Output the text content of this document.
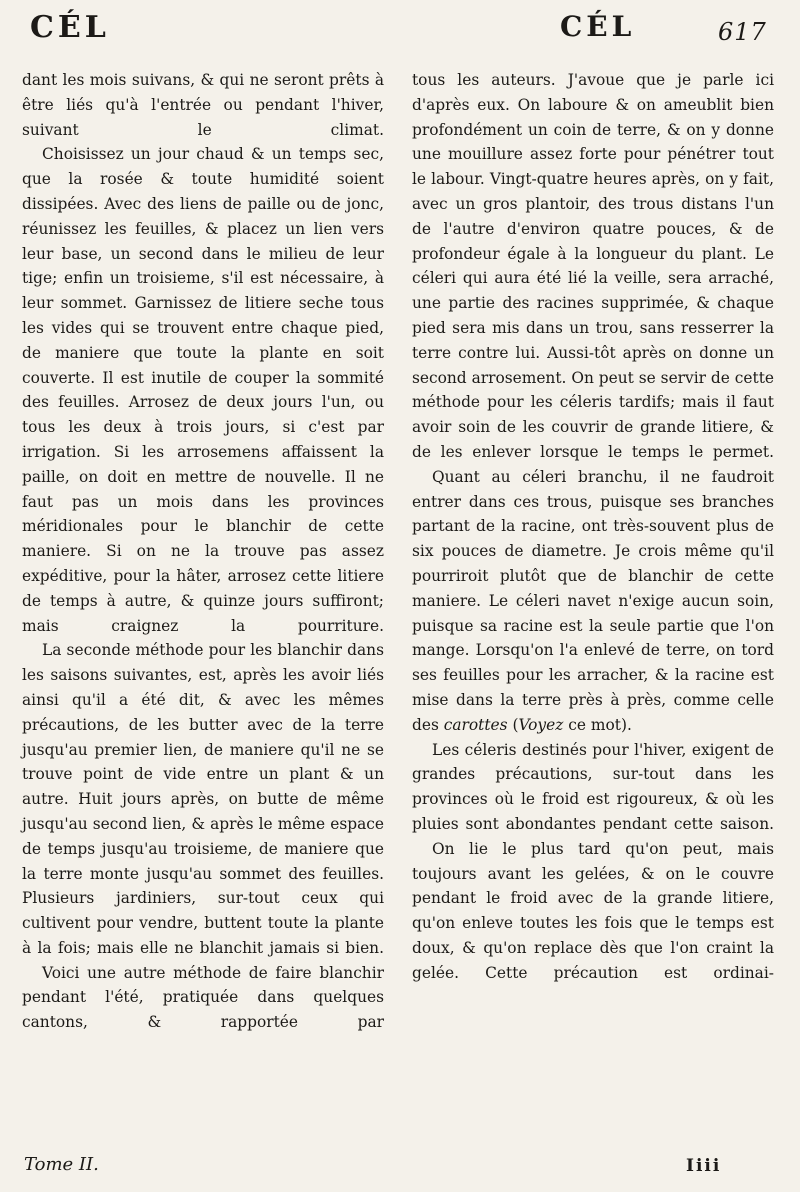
CÉL	CÉL	617

dant les mois suivans, & qui ne seront prêts à être liés qu'à l'entrée ou pendant l'hiver, suivant le climat.

Choisissez un jour chaud & un temps sec, que la rosée & toute humidité soient dissipées. Avec des liens de paille ou de jonc, réunissez les feuilles, & placez un lien vers leur base, un second dans le milieu de leur tige; enfin un troisieme, s'il est nécessaire, à leur sommet. Garnissez de litiere seche tous les vides qui se trouvent entre chaque pied, de maniere que toute la plante en soit couverte. Il est inutile de couper la sommité des feuilles. Arrosez de deux jours l'un, ou tous les deux à trois jours, si c'est par irrigation. Si les arrosemens affaissent la paille, on doit en mettre de nouvelle. Il ne faut pas un mois dans les provinces méridionales pour le blanchir de cette maniere. Si on ne la trouve pas assez expéditive, pour la hâter, arrosez cette litiere de temps à autre, & quinze jours suffiront; mais craignez la pourriture.

La seconde méthode pour les blanchir dans les saisons suivantes, est, après les avoir liés ainsi qu'il a été dit, & avec les mêmes précautions, de les butter avec de la terre jusqu'au premier lien, de maniere qu'il ne se trouve point de vide entre un plant & un autre. Huit jours après, on butte de même jusqu'au second lien, & après le même espace de temps jusqu'au troisieme, de maniere que la terre monte jusqu'au sommet des feuilles. Plusieurs jardiniers, sur-tout ceux qui cultivent pour vendre, buttent toute la plante à la fois; mais elle ne blanchit jamais si bien.

Voici une autre méthode de faire blanchir pendant l'été, pratiquée dans quelques cantons, & rapportée par

tous les auteurs. J'avoue que je parle ici d'après eux. On laboure & on ameublit bien profondément un coin de terre, & on y donne une mouillure assez forte pour pénétrer tout le labour. Vingt-quatre heures après, on y fait, avec un gros plantoir, des trous distans l'un de l'autre d'environ quatre pouces, & de profondeur égale à la longueur du plant. Le céleri qui aura été lié la veille, sera arraché, une partie des racines supprimée, & chaque pied sera mis dans un trou, sans resserrer la terre contre lui. Aussi-tôt après on donne un second arrosement. On peut se servir de cette méthode pour les céleris tardifs; mais il faut avoir soin de les couvrir de grande litiere, & de les enlever lorsque le temps le permet.

Quant au céleri branchu, il ne faudroit entrer dans ces trous, puisque ses branches partant de la racine, ont très-souvent plus de six pouces de diametre. Je crois même qu'il pourriroit plutôt que de blanchir de cette maniere. Le céleri navet n'exige aucun soin, puisque sa racine est la seule partie que l'on mange. Lorsqu'on l'a enlevé de terre, on tord ses feuilles pour les arracher, & la racine est mise dans la terre près à près, comme celle des carottes (Voyez ce mot).

Les céleris destinés pour l'hiver, exigent de grandes précautions, sur-tout dans les provinces où le froid est rigoureux, & où les pluies sont abondantes pendant cette saison.

On lie le plus tard qu'on peut, mais toujours avant les gelées, & on le couvre pendant le froid avec de la grande litiere, qu'on enleve toutes les fois que le temps est doux, & qu'on replace dès que l'on craint la gelée. Cette précaution est ordinai-

Tome II.	Iiii
